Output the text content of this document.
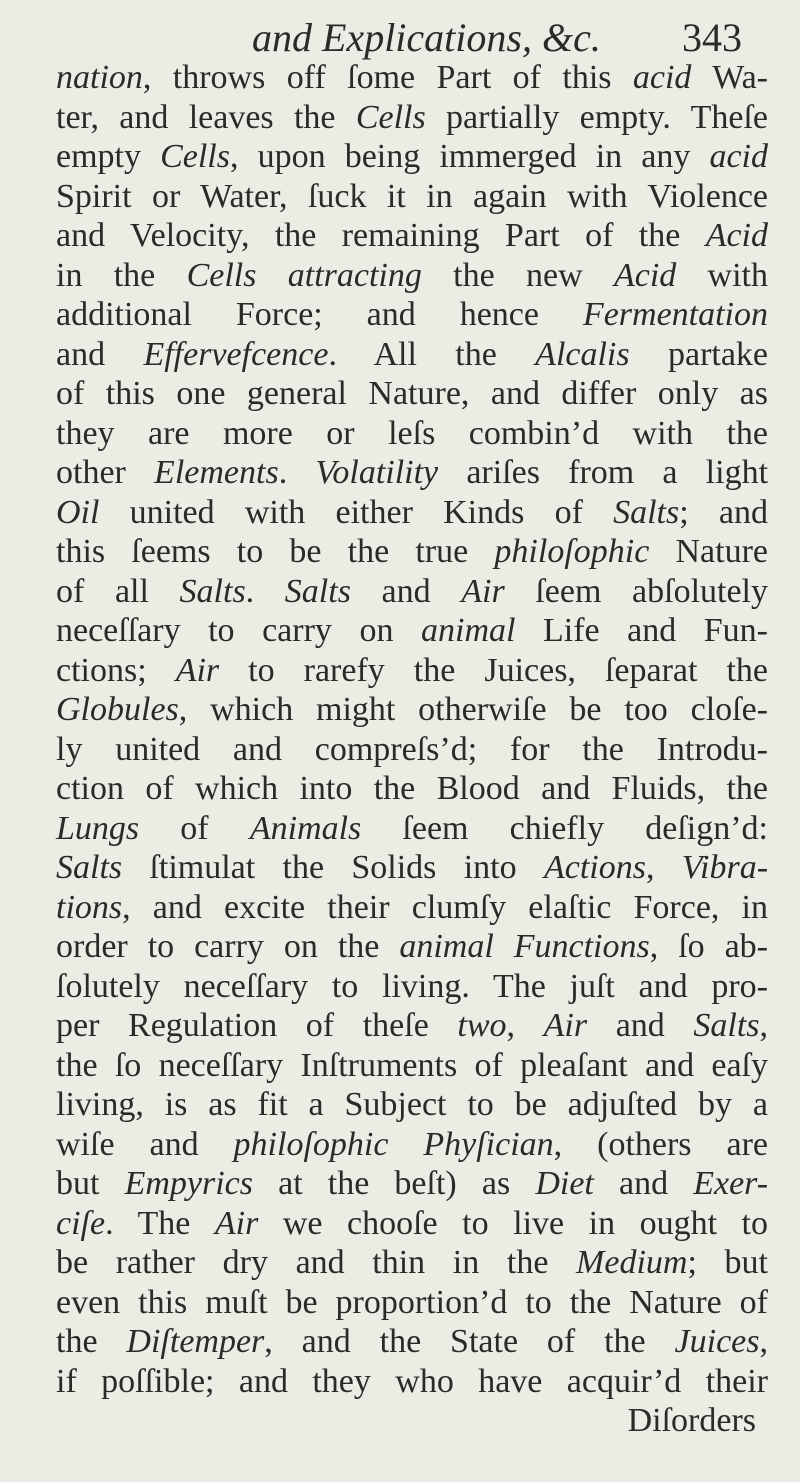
and Explications, &c. 343
nation, throws off ſome Part of this acid Wa-
ter, and leaves the Cells partially empty. Theſe
empty Cells, upon being immerged in any acid
Spirit or Water, ſuck it in again with Violence
and Velocity, the remaining Part of the Acid
in the Cells attracting the new Acid with
additional Force; and hence Fermentation
and Effervefcence. All the Alcalis partake
of this one general Nature, and differ only as
they are more or leſs combin’d with the
other Elements. Volatility ariſes from a light
Oil united with either Kinds of Salts; and
this ſeems to be the true philoſophic Nature
of all Salts. Salts and Air ſeem abſolutely
neceſſary to carry on animal Life and Fun-
ctions; Air to rarefy the Juices, ſeparat the
Globules, which might otherwiſe be too cloſe-
ly united and compreſs’d; for the Introdu-
ction of which into the Blood and Fluids, the
Lungs of Animals ſeem chiefly deſign’d:
Salts ſtimulat the Solids into Actions, Vibra-
tions, and excite their clumſy elaſtic Force, in
order to carry on the animal Functions, ſo ab-
ſolutely neceſſary to living. The juſt and pro-
per Regulation of theſe two, Air and Salts,
the ſo neceſſary Inſtruments of pleaſant and eaſy
living, is as fit a Subject to be adjuſted by a
wiſe and philoſophic Phyſician, (others are
but Empyrics at the beſt) as Diet and Exer-
ciſe. The Air we chooſe to live in ought to
be rather dry and thin in the Medium; but
even this muſt be proportion’d to the Nature of
the Diſtemper, and the State of the Juices,
if poſſible; and they who have acquir’d their
Diſorders
